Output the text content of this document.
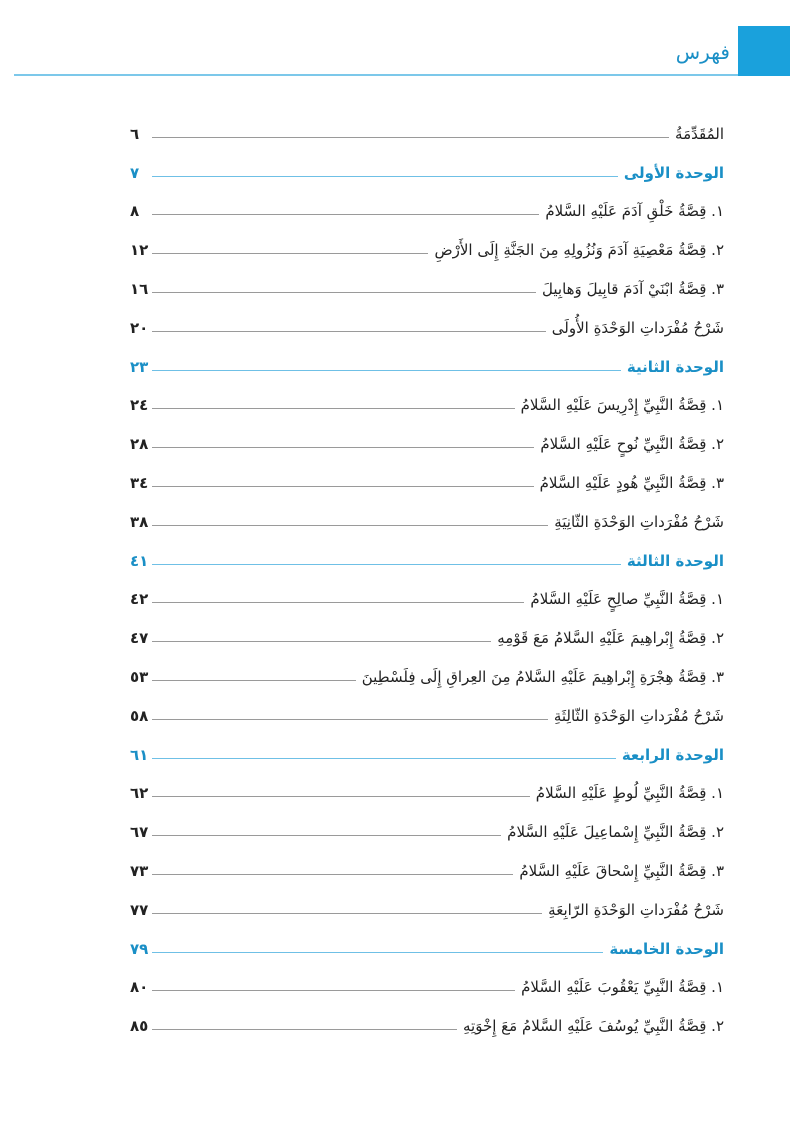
فهرس
المُقَدِّمَةُ
٦
الوحدة الأولى
٧
١. قِصَّةُ خَلْقِ آدَمَ عَلَيْهِ السَّلامُ
٨
٢. قِصَّةُ مَعْصِيَةِ آدَمَ وَنُزُولِهِ مِنَ الجَنَّةِ إِلَى الأَرْضِ
١٢
٣. قِصَّةُ ابْنَيْ آدَمَ قابِيلَ وَهابِيلَ
١٦
شَرْحُ مُفْرَداتِ الوَحْدَةِ الأُولَى
٢٠
الوحدة الثانية
٢٣
١. قِصَّةُ النَّبِيِّ إِدْرِيسَ عَلَيْهِ السَّلامُ
٢٤
٢. قِصَّةُ النَّبِيِّ نُوحٍ عَلَيْهِ السَّلامُ
٢٨
٣. قِصَّةُ النَّبِيِّ هُودٍ عَلَيْهِ السَّلامُ
٣٤
شَرْحُ مُفْرَداتِ الوَحْدَةِ الثّانِيَةِ
٣٨
الوحدة الثالثة
٤١
١. قِصَّةُ النَّبِيِّ صالِحٍ عَلَيْهِ السَّلامُ
٤٢
٢. قِصَّةُ إِبْراهِيمَ عَلَيْهِ السَّلامُ مَعَ قَوْمِهِ
٤٧
٣. قِصَّةُ هِجْرَةِ إِبْراهِيمَ عَلَيْهِ السَّلامُ مِنَ العِراقِ إِلَى فِلَسْطِينَ
٥٣
شَرْحُ مُفْرَداتِ الوَحْدَةِ الثّالِثَةِ
٥٨
الوحدة الرابعة
٦١
١. قِصَّةُ النَّبِيِّ لُوطٍ عَلَيْهِ السَّلامُ
٦٢
٢. قِصَّةُ النَّبِيِّ إِسْماعِيلَ عَلَيْهِ السَّلامُ
٦٧
٣. قِصَّةُ النَّبِيِّ إِسْحاقَ عَلَيْهِ السَّلامُ
٧٣
شَرْحُ مُفْرَداتِ الوَحْدَةِ الرّابِعَةِ
٧٧
الوحدة الخامسة
٧٩
١. قِصَّةُ النَّبِيِّ يَعْقُوبَ عَلَيْهِ السَّلامُ
٨٠
٢. قِصَّةُ النَّبِيِّ يُوسُفَ عَلَيْهِ السَّلامُ مَعَ إِخْوَتِهِ
٨٥
